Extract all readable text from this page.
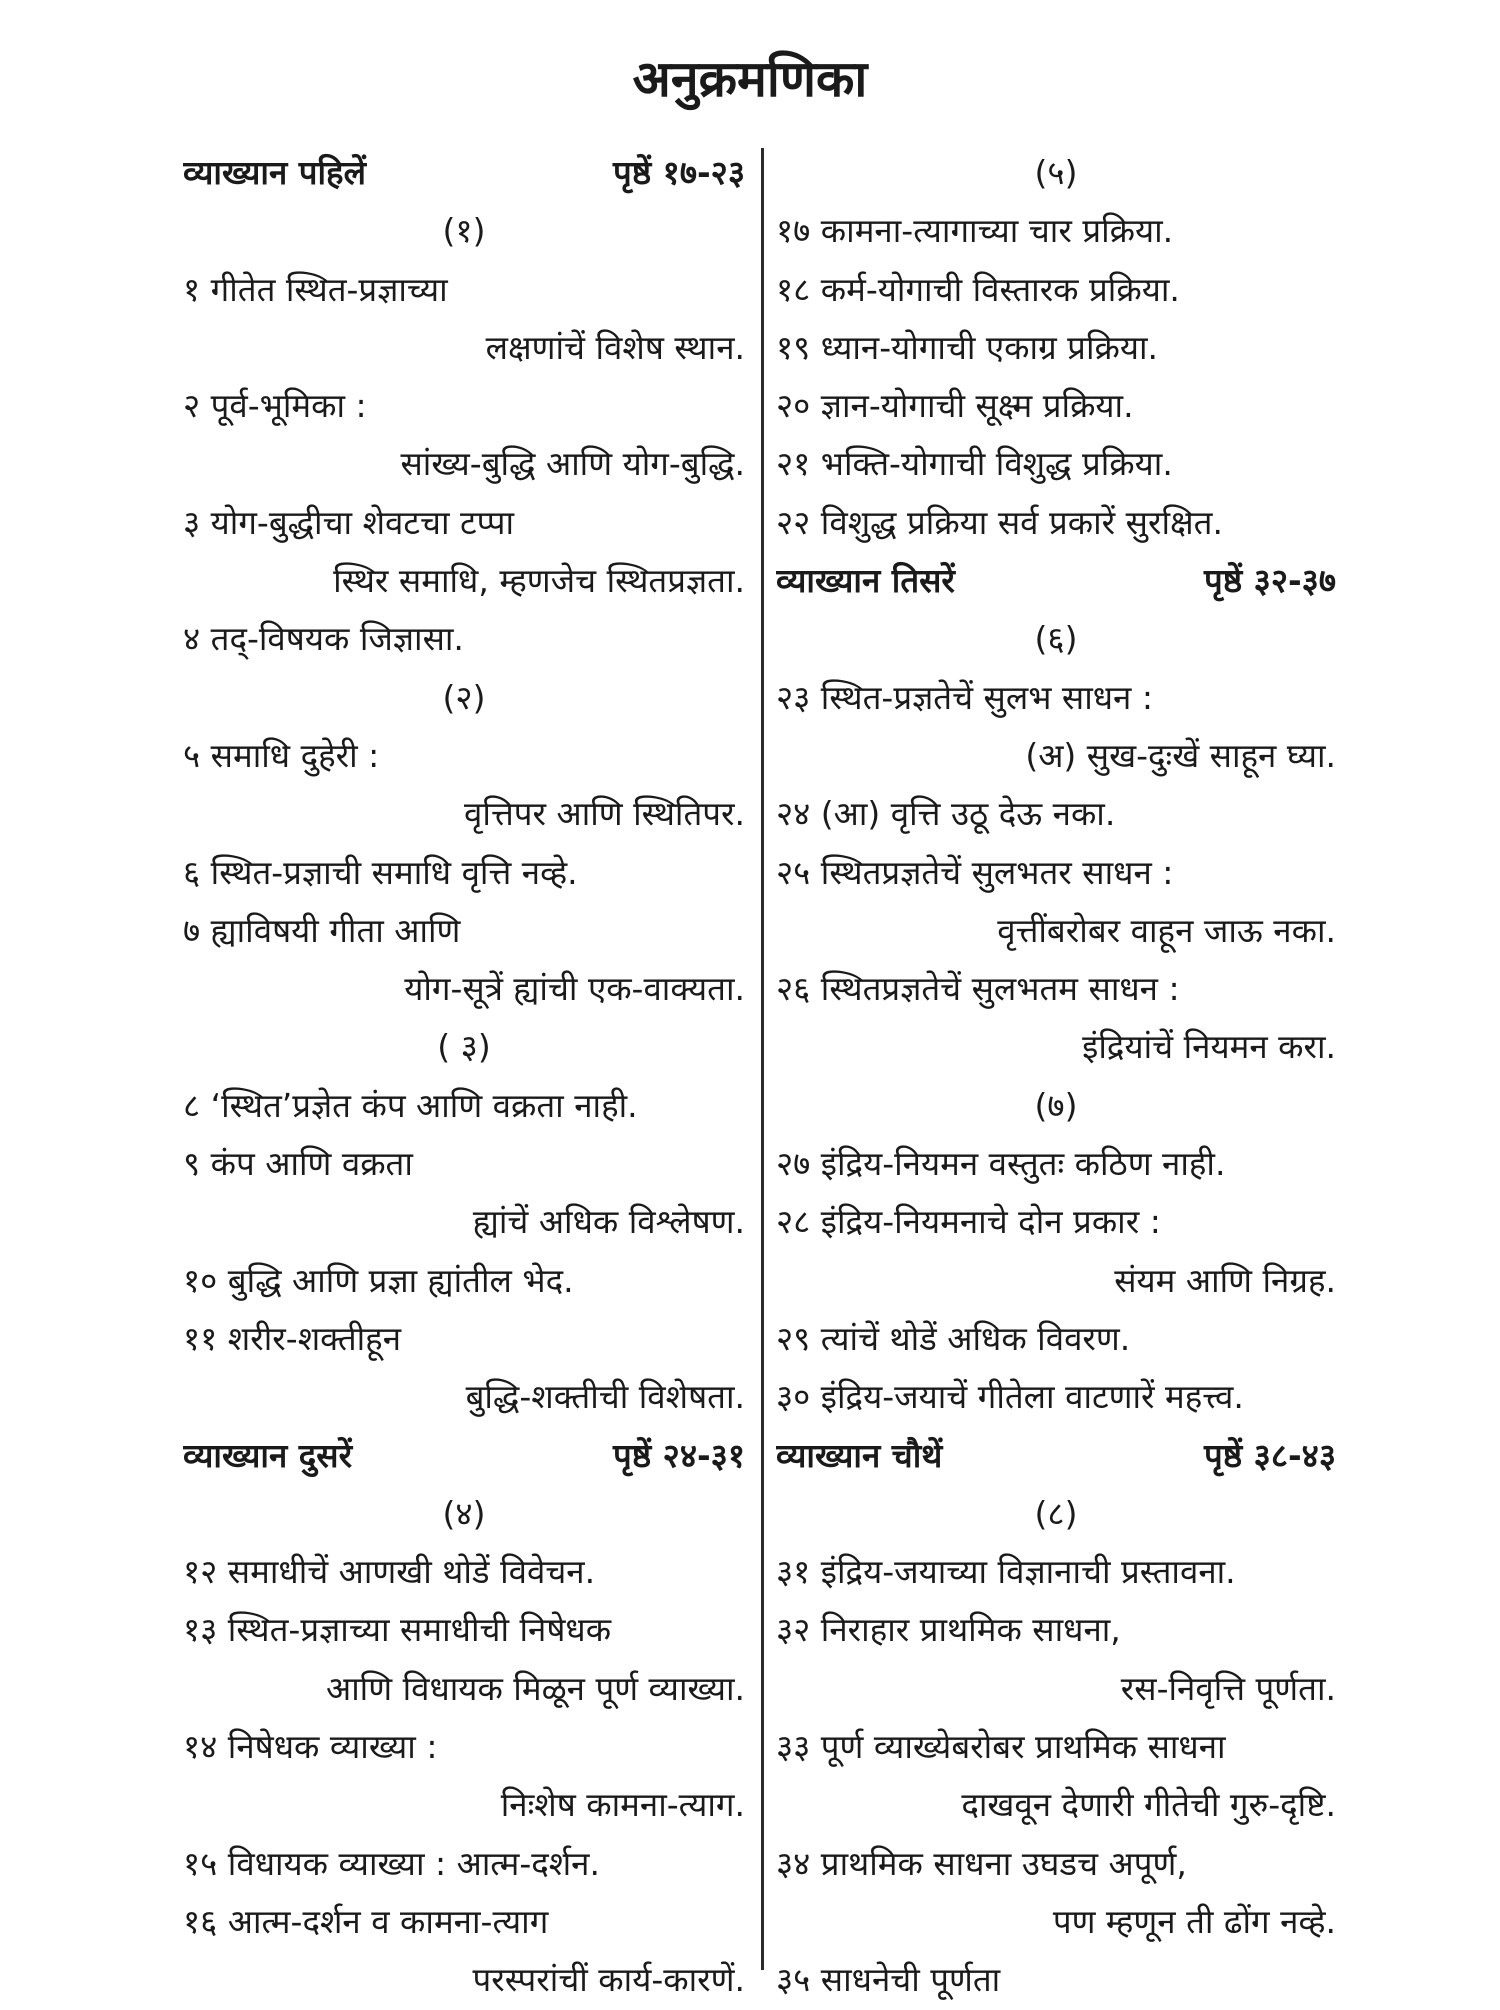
अनुक्रमणिका
व्याख्यान पहिलें	पृष्ठें १७-२३
(१)
१ गीतेत स्थित-प्रज्ञाच्या
लक्षणांचें विशेष स्थान.
२ पूर्व-भूमिका :
सांख्य-बुद्धि आणि योग-बुद्धि.
३ योग-बुद्धीचा शेवटचा टप्पा
स्थिर समाधि, म्हणजेच स्थितप्रज्ञता.
४ तद्-विषयक जिज्ञासा.
(२)
५ समाधि दुहेरी :
वृत्तिपर आणि स्थितिपर.
६ स्थित-प्रज्ञाची समाधि वृत्ति नव्हे.
७ ह्याविषयी गीता आणि
योग-सूत्रें ह्यांची एक-वाक्यता.
( ३)
८ ‘स्थित’प्रज्ञेत कंप आणि वक्रता नाही.
९ कंप आणि वक्रता
ह्यांचें अधिक विश्लेषण.
१० बुद्धि आणि प्रज्ञा ह्यांतील भेद.
११ शरीर-शक्तीहून
बुद्धि-शक्तीची विशेषता.
व्याख्यान दुसरें	पृष्ठें २४-३१
(४)
१२ समाधीचें आणखी थोडें विवेचन.
१३ स्थित-प्रज्ञाच्या समाधीची निषेधक
आणि विधायक मिळून पूर्ण व्याख्या.
१४ निषेधक व्याख्या :
निःशेष कामना-त्याग.
१५ विधायक व्याख्या : आत्म-दर्शन.
१६ आत्म-दर्शन व कामना-त्याग
परस्परांचीं कार्य-कारणें.
(५)
१७ कामना-त्यागाच्या चार प्रक्रिया.
१८ कर्म-योगाची विस्तारक प्रक्रिया.
१९ ध्यान-योगाची एकाग्र प्रक्रिया.
२० ज्ञान-योगाची सूक्ष्म प्रक्रिया.
२१ भक्ति-योगाची विशुद्ध प्रक्रिया.
२२ विशुद्ध प्रक्रिया सर्व प्रकारें सुरक्षित.
व्याख्यान तिसरें	पृष्ठें ३२-३७
(६)
२३ स्थित-प्रज्ञतेचें सुलभ साधन :
(अ) सुख-दुःखें साहून घ्या.
२४ (आ) वृत्ति उठू देऊ नका.
२५ स्थितप्रज्ञतेचें सुलभतर साधन :
वृत्तींबरोबर वाहून जाऊ नका.
२६ स्थितप्रज्ञतेचें सुलभतम साधन :
इंद्रियांचें नियमन करा.
(७)
२७ इंद्रिय-नियमन वस्तुतः कठिण नाही.
२८ इंद्रिय-नियमनाचे दोन प्रकार :
संयम आणि निग्रह.
२९ त्यांचें थोडें अधिक विवरण.
३० इंद्रिय-जयाचें गीतेला वाटणारें महत्त्व.
व्याख्यान चौथें	पृष्ठें ३८-४३
(८)
३१ इंद्रिय-जयाच्या विज्ञानाची प्रस्तावना.
३२ निराहार प्राथमिक साधना,
रस-निवृत्ति पूर्णता.
३३ पूर्ण व्याख्येबरोबर प्राथमिक साधना
दाखवून देणारी गीतेची गुरु-दृष्टि.
३४ प्राथमिक साधना उघडच अपूर्ण,
पण म्हणून ती ढोंग नव्हे.
३५ साधनेची पूर्णता
